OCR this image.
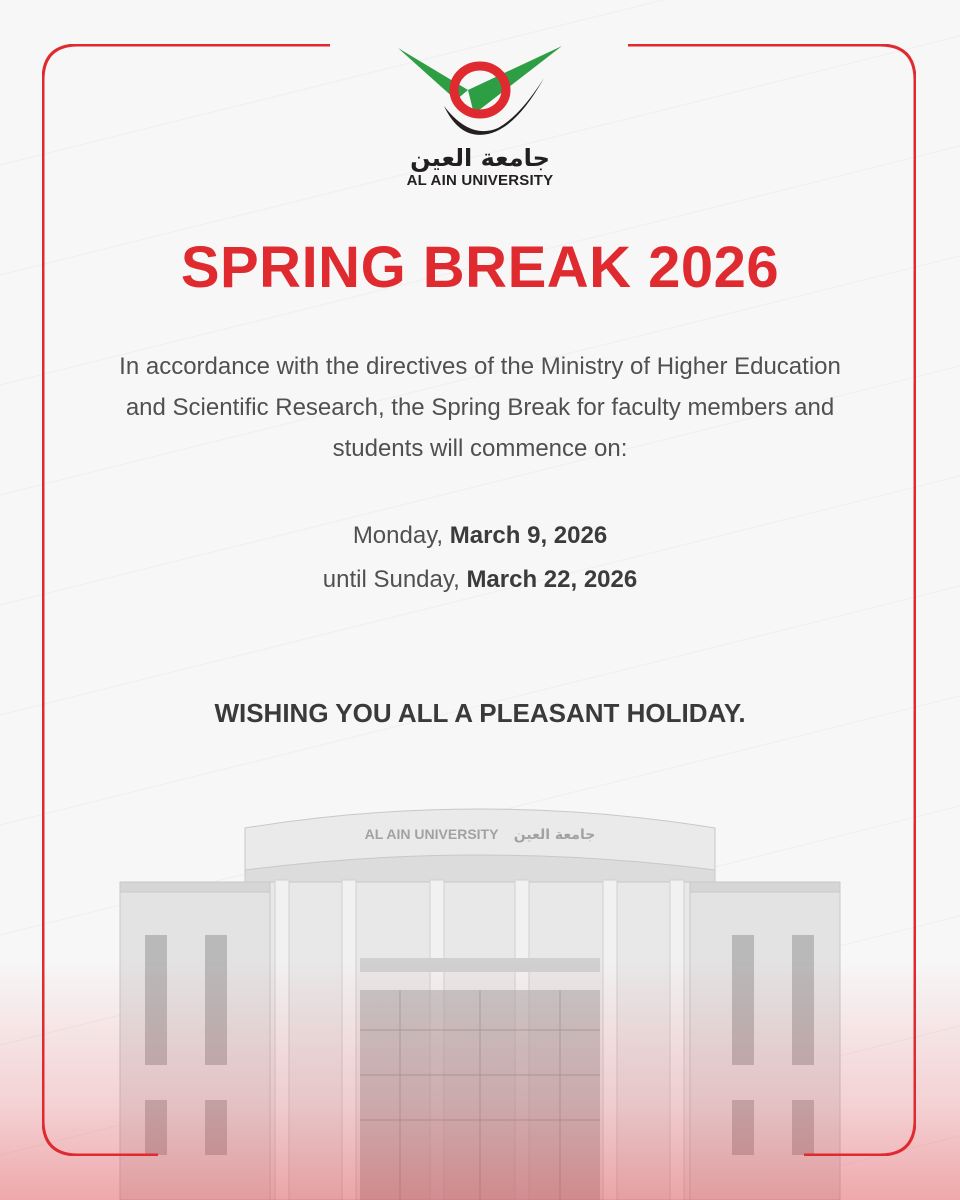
AL AIN UNIVERSITY جامعة العين
جامعة العين
AL AIN UNIVERSITY
SPRING BREAK 2026
In accordance with the directives of the Ministry of Higher Education and Scientific Research, the Spring Break for faculty members and students will commence on:
Monday, March 9, 2026
until Sunday, March 22, 2026
WISHING YOU ALL A PLEASANT HOLIDAY.
